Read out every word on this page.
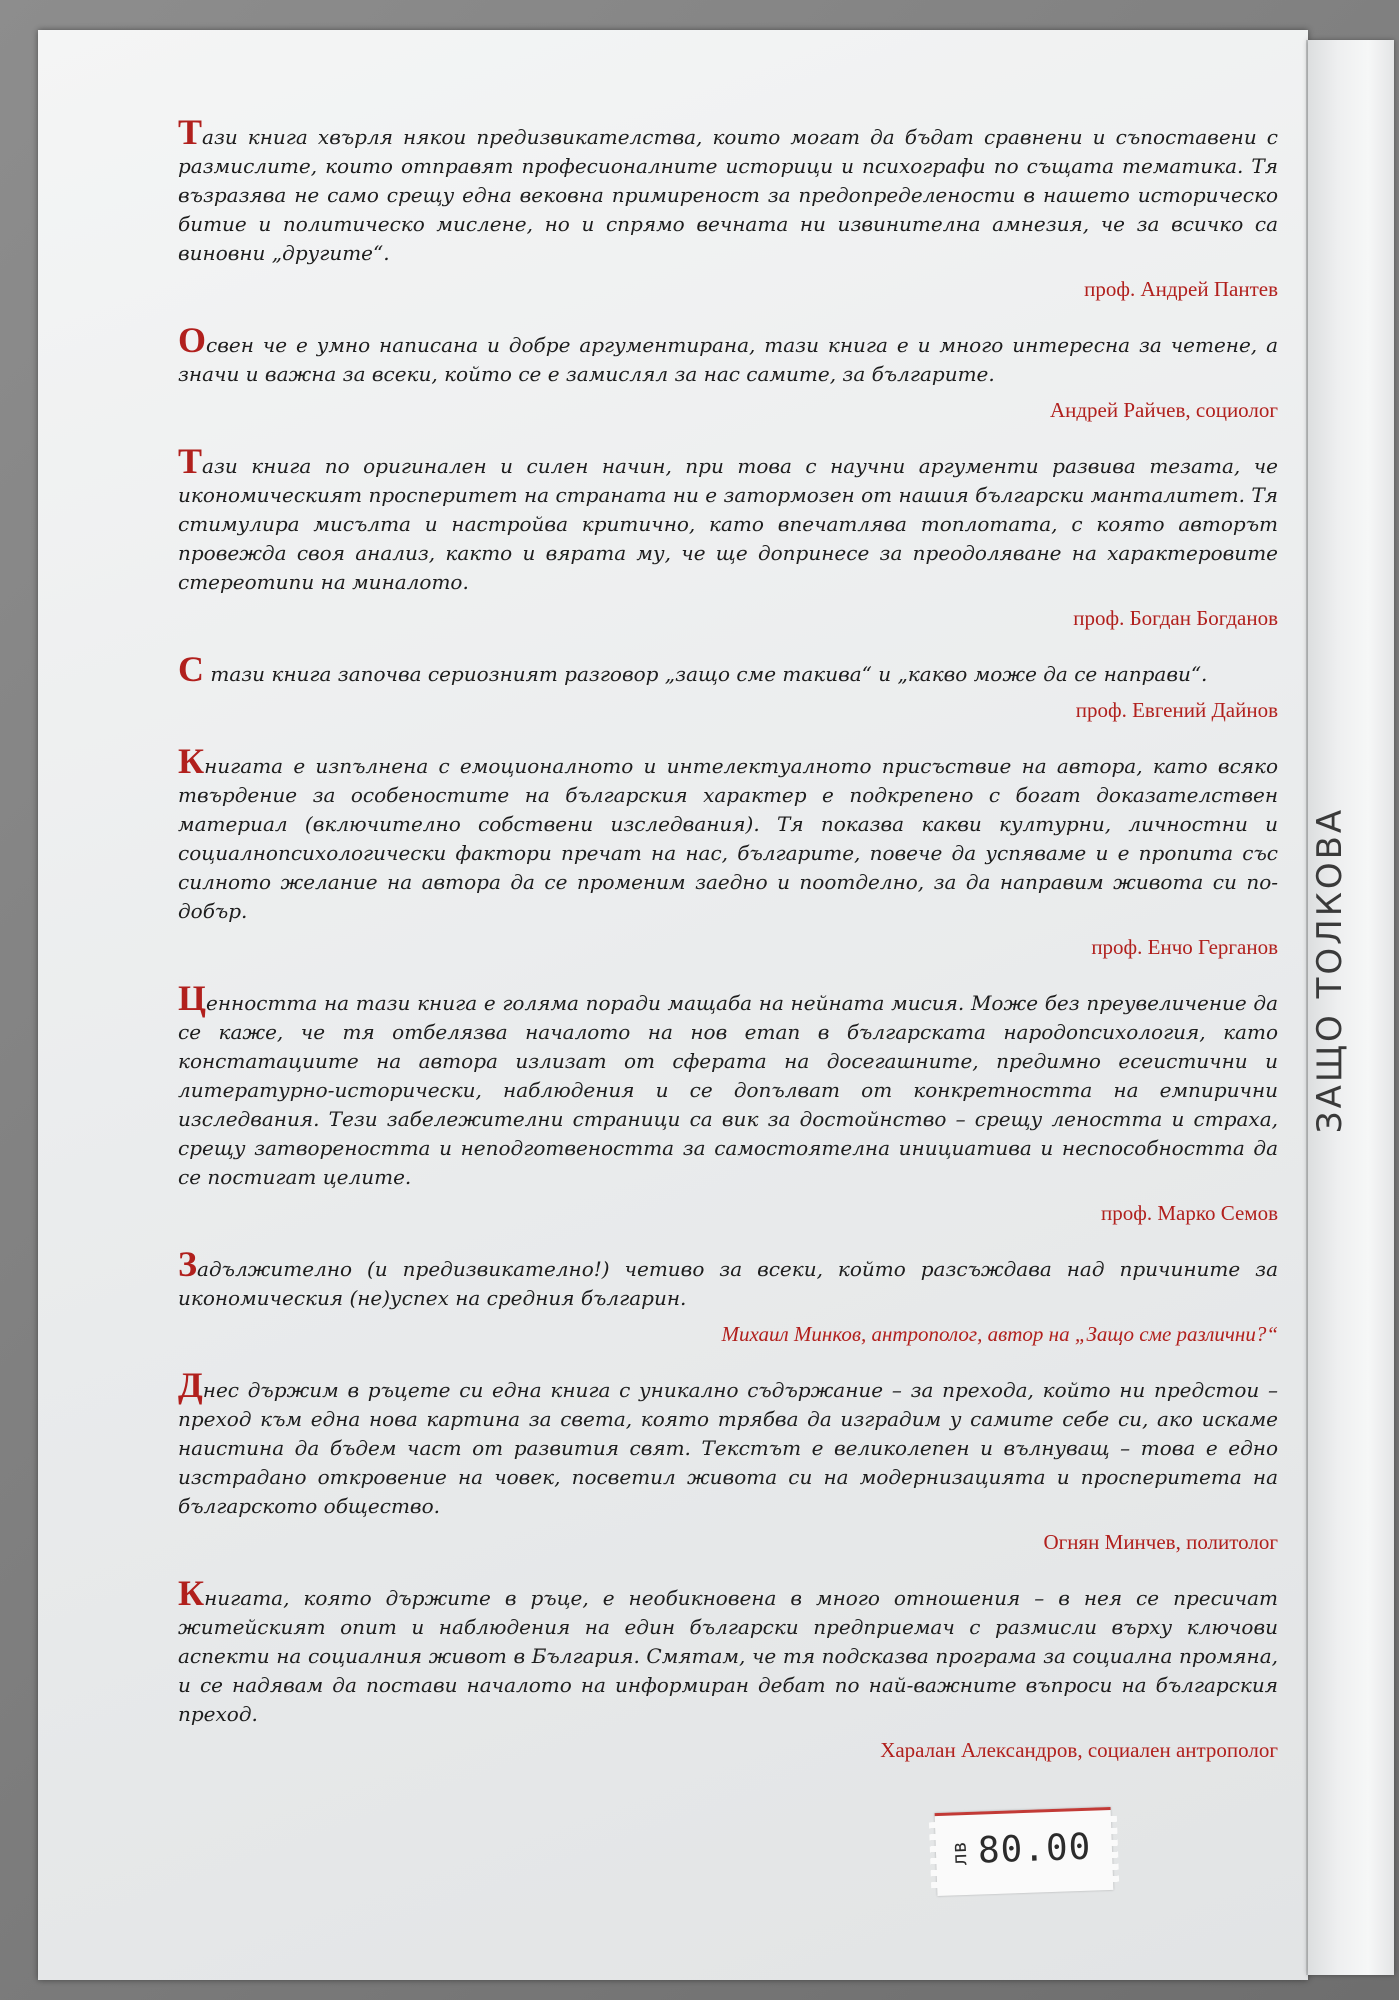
Тази книга хвърля някои предизвикателства, които могат да бъдат сравнени и съпоставени с размислите, които отправят професионалните историци и психографи по същата тематика. Тя възразява не само срещу една вековна примиреност за предопределености в нашето историческо битие и политическо мислене, но и спрямо вечната ни извинителна амнезия, че за всичко са виновни „другите“.

проф. Андрей Пантев

Освен че е умно написана и добре аргументирана, тази книга е и много интересна за четене, а значи и важна за всеки, който се е замислял за нас самите, за българите.

Андрей Райчев, социолог

Тази книга по оригинален и силен начин, при това с научни аргументи развива тезата, че икономическият просперитет на страната ни е затормозен от нашия български манталитет. Тя стимулира мисълта и настройва критично, като впечатлява топлотата, с която авторът провежда своя анализ, както и вярата му, че ще допринесе за преодоляване на характеровите стереотипи на миналото.

проф. Богдан Богданов

С тази книга започва сериозният разговор „защо сме такива“ и „какво може да се направи“.

проф. Евгений Дайнов

Книгата е изпълнена с емоционалното и интелектуалното присъствие на автора, като всяко твърдение за особеностите на българския характер е подкрепено с богат доказателствен материал (включително собствени изследвания). Тя показва какви културни, личностни и социалнопсихологически фактори пречат на нас, българите, повече да успяваме и е пропита със силното желание на автора да се променим заедно и поотделно, за да направим живота си по-добър.

проф. Енчо Герганов

Ценността на тази книга е голяма поради мащаба на нейната мисия. Може без преувеличение да се каже, че тя отбелязва началото на нов етап в българската народопсихология, като констатациите на автора излизат от сферата на досегашните, предимно есеистични и литературно-исторически, наблюдения и се допълват от конкретността на емпирични изследвания. Тези забележителни страници са вик за достойнство – срещу леността и страха, срещу затвореността и неподготвеността за самостоятелна инициатива и неспособността да се постигат целите.

проф. Марко Семов

Задължително (и предизвикателно!) четиво за всеки, който разсъждава над причините за икономическия (не)успех на средния българин.

Михаил Минков, антрополог, автор на „Защо сме различни?“

Днес държим в ръцете си една книга с уникално съдържание – за прехода, който ни предстои – преход към една нова картина за света, която трябва да изградим у самите себе си, ако искаме наистина да бъдем част от развития свят. Текстът е великолепен и вълнуващ – това е едно изстрадано откровение на човек, посветил живота си на модернизацията и просперитета на българското общество.

Огнян Минчев, политолог

Книгата, която държите в ръце, е необикновена в много отношения – в нея се пресичат житейският опит и наблюдения на един български предприемач с размисли върху ключови аспекти на социалния живот в България. Смятам, че тя подсказва програма за социална промяна, и се надявам да постави началото на информиран дебат по най-важните въпроси на българския преход.

Харалан Александров, социален антрополог
лв 80.00
ЗАЩО ТОЛКОВА
